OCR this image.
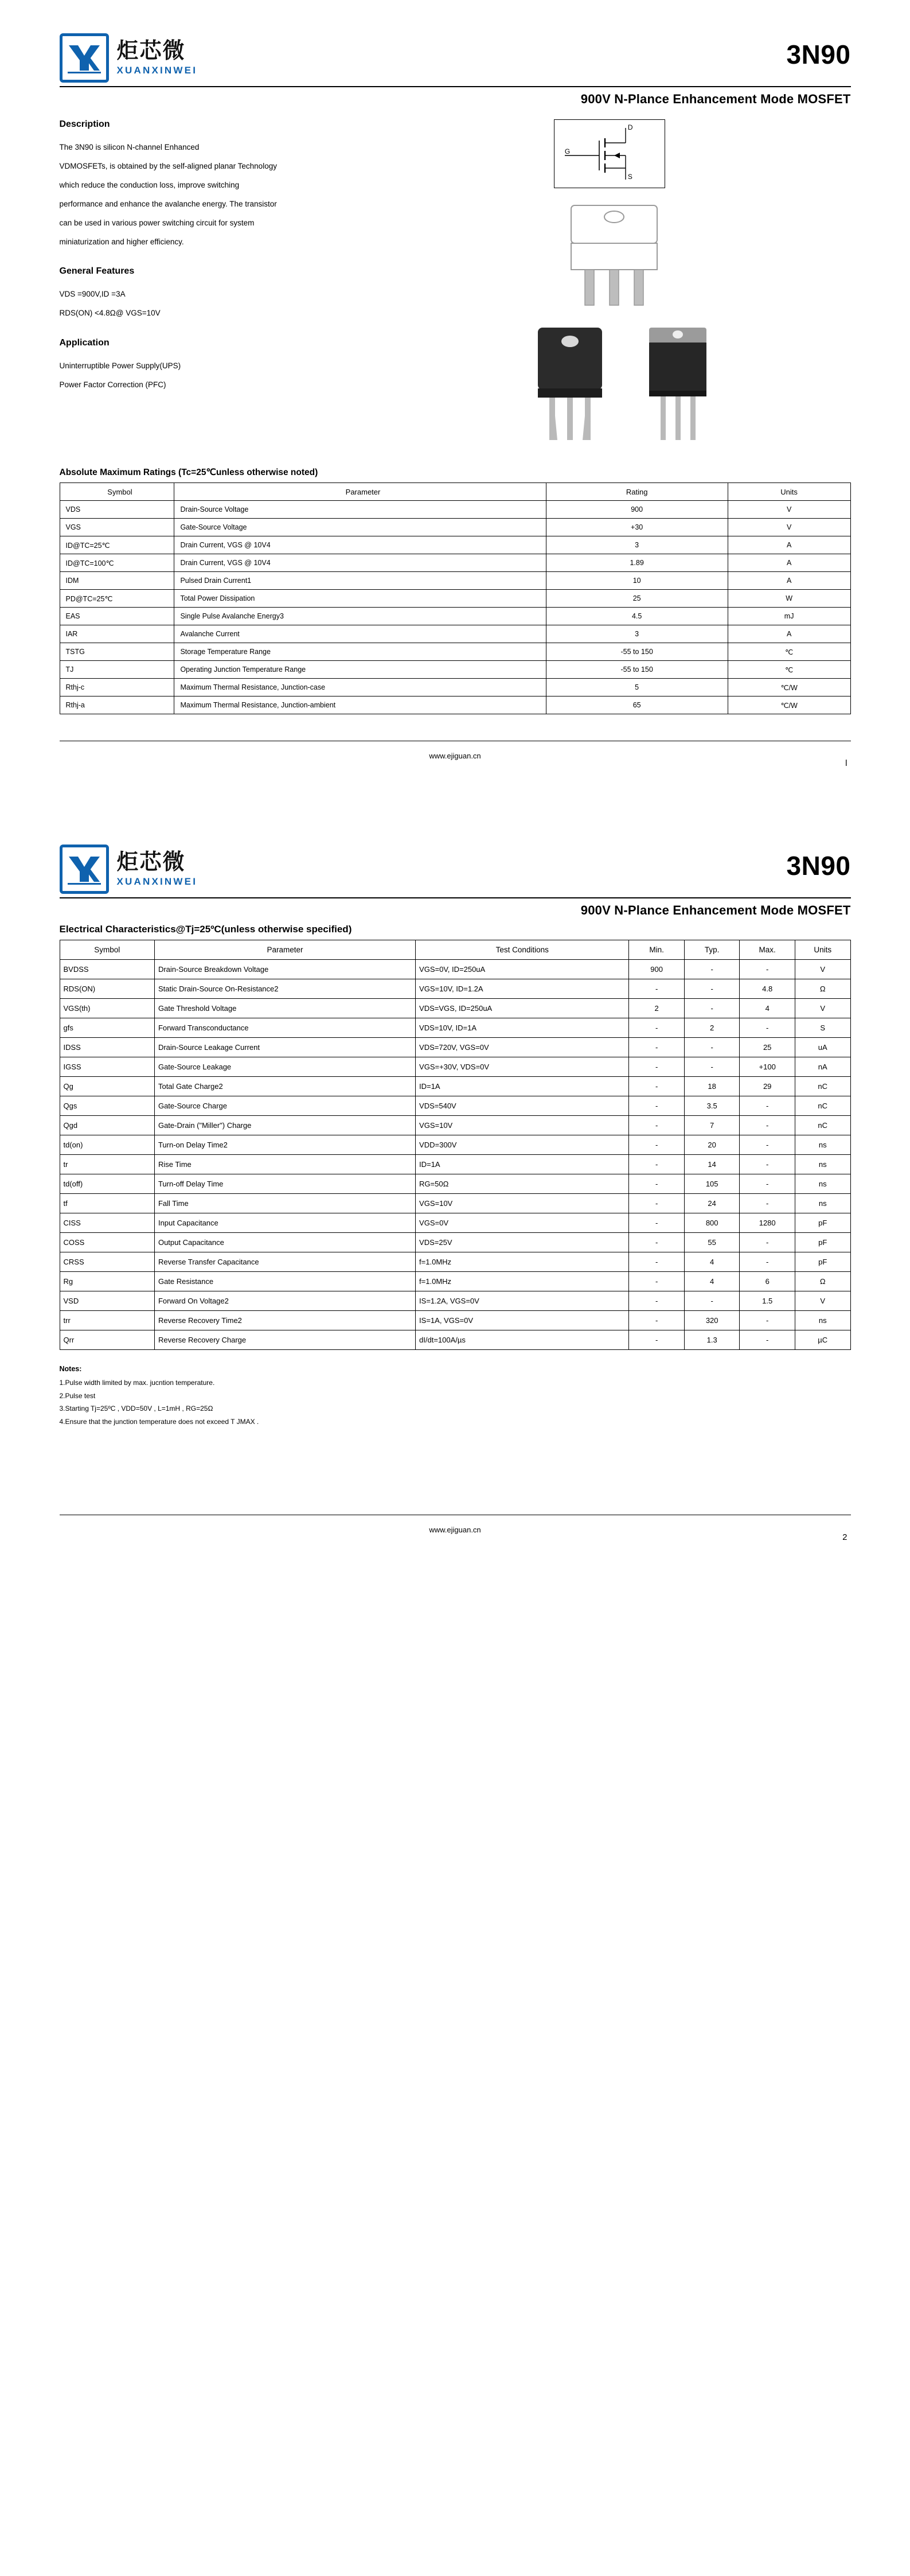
炬芯微
XUANXINWEI
3N90
900V N-Plance Enhancement Mode MOSFET
Description

The 3N90 is silicon N-channel Enhanced

VDMOSFETs, is obtained by the self-aligned planar Technology

which reduce the conduction loss, improve switching

performance and enhance the avalanche energy. The transistor

can be used in various power switching circuit for system

miniaturization and higher efficiency.

General Features

VDS =900V,ID =3A

RDS(ON) <4.8Ω@ VGS=10V

Application

Uninterruptible Power Supply(UPS)

Power Factor Correction (PFC)

D
G
S
Absolute Maximum Ratings (Tc=25℃unless otherwise noted)
Symbol	Parameter	Rating	Units
VDS	Drain-Source Voltage	900	V
VGS	Gate-Source Voltage	+30	V
ID@TC=25℃	Drain Current, VGS @ 10V4	3	A
ID@TC=100℃	Drain Current, VGS @ 10V4	1.89	A
IDM	Pulsed Drain Current1	10	A
PD@TC=25℃	Total Power Dissipation	25	W
EAS	Single Pulse Avalanche Energy3	4.5	mJ
IAR	Avalanche Current	3	A
TSTG	Storage Temperature Range	-55 to 150	℃
TJ	Operating Junction Temperature Range	-55 to 150	℃
Rthj-c	Maximum Thermal Resistance, Junction-case	5	℃/W
Rthj-a	Maximum Thermal Resistance, Junction-ambient	65	℃/W
www.ejiguan.cn
l
炬芯微
XUANXINWEI
3N90
900V N-Plance Enhancement Mode MOSFET
Electrical Characteristics@Tj=25ºC(unless otherwise specified)
Symbol	Parameter	Test Conditions	Min.	Typ.	Max.	Units
BVDSS	Drain-Source Breakdown Voltage	VGS=0V, ID=250uA	900	-	-	V
RDS(ON)	Static Drain-Source On-Resistance2	VGS=10V, ID=1.2A	-	-	4.8	Ω
VGS(th)	Gate Threshold Voltage	VDS=VGS, ID=250uA	2	-	4	V
gfs	Forward Transconductance	VDS=10V, ID=1A	-	2	-	S
IDSS	Drain-Source Leakage Current	VDS=720V, VGS=0V	-	-	25	uA
IGSS	Gate-Source Leakage	VGS=+30V, VDS=0V	-	-	+100	nA
Qg	Total Gate Charge2	ID=1A	-	18	29	nC
Qgs	Gate-Source Charge	VDS=540V	-	3.5	-	nC
Qgd	Gate-Drain ("Miller") Charge	VGS=10V	-	7	-	nC
td(on)	Turn-on Delay Time2	VDD=300V	-	20	-	ns
tr	Rise Time	ID=1A	-	14	-	ns
td(off)	Turn-off Delay Time	RG=50Ω	-	105	-	ns
tf	Fall Time	VGS=10V	-	24	-	ns
CISS	Input Capacitance	VGS=0V	-	800	1280	pF
COSS	Output Capacitance	VDS=25V	-	55	-	pF
CRSS	Reverse Transfer Capacitance	f=1.0MHz	-	4	-	pF
Rg	Gate Resistance	f=1.0MHz	-	4	6	Ω
VSD	Forward On Voltage2	IS=1.2A, VGS=0V	-	-	1.5	V
trr	Reverse Recovery Time2	IS=1A, VGS=0V	-	320	-	ns
Qrr	Reverse Recovery Charge	dI/dt=100A/µs	-	1.3	-	µC
Notes:
1.Pulse width limited by max. jucntion temperature.
2.Pulse test
3.Starting Tj=25ºC , VDD=50V , L=1mH , RG=25Ω
4.Ensure that the junction temperature does not exceed T JMAX .
www.ejiguan.cn
2
